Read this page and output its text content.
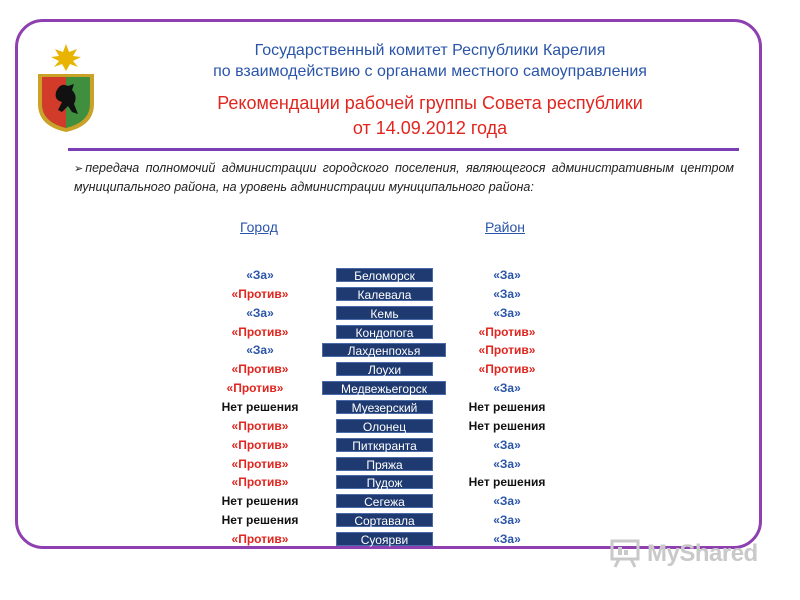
Государственный комитет Республики Карелия
по взаимодействию с органами местного самоуправления
Рекомендации рабочей группы Совета республики
от 14.09.2012 года
➢ передача полномочий администрации городского поселения, являющегося административным центром муниципального района, на уровень администрации муниципального района:
Город	Район
«За»	Беломорск	«За»
«Против»	Калевала	«За»
«За»	Кемь	«За»
«Против»	Кондопога	«Против»
«За»	Лахденпохья	«Против»
«Против»	Лоухи	«Против»
«Против»	Медвежьегорск	«За»
Нет решения	Муезерский	Нет решения
«Против»	Олонец	Нет решения
«Против»	Питкяранта	«За»
«Против»	Пряжа	«За»
«Против»	Пудож	Нет решения
Нет решения	Сегежа	«За»
Нет решения	Сортавала	«За»
«Против»	Суоярви	«За»
MyShared
